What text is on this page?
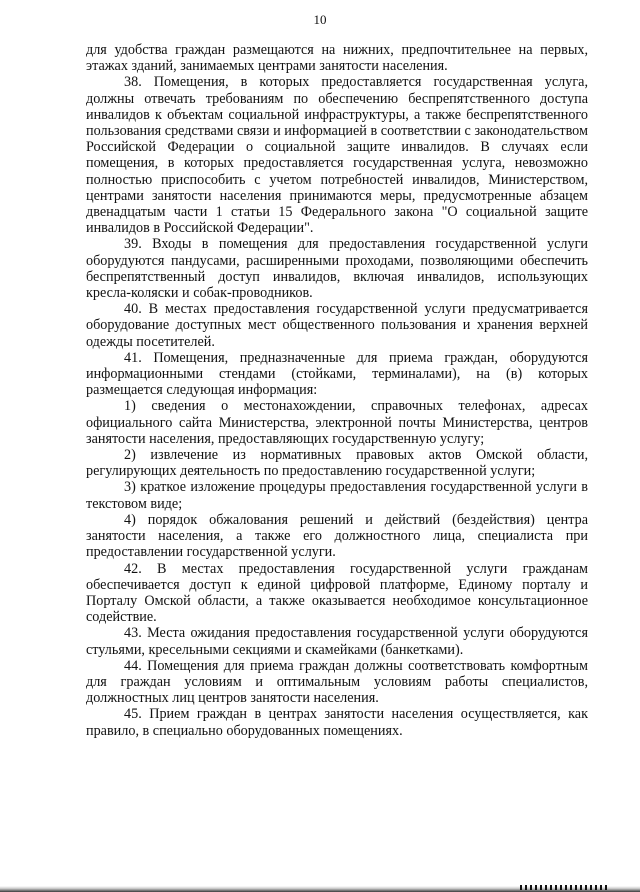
10

для удобства граждан размещаются на нижних, предпочтительнее на первых, этажах зданий, занимаемых центрами занятости населения.

38. Помещения, в которых предоставляется государственная услуга, должны отвечать требованиям по обеспечению беспрепятственного доступа инвалидов к объектам социальной инфраструктуры, а также беспрепятственного пользования средствами связи и информацией в соответствии с законодательством Российской Федерации о социальной защите инвалидов. В случаях если помещения, в которых предоставляется государственная услуга, невозможно полностью приспособить с учетом потребностей инвалидов, Министерством, центрами занятости населения принимаются меры, предусмотренные абзацем двенадцатым части 1 статьи 15 Федерального закона "О социальной защите инвалидов в Российской Федерации".

39. Входы в помещения для предоставления государственной услуги оборудуются пандусами, расширенными проходами, позволяющими обеспечить беспрепятственный доступ инвалидов, включая инвалидов, использующих кресла-коляски и собак-проводников.

40. В местах предоставления государственной услуги предусматривается оборудование доступных мест общественного пользования и хранения верхней одежды посетителей.

41. Помещения, предназначенные для приема граждан, оборудуются информационными стендами (стойками, терминалами), на (в) которых размещается следующая информация:

1) сведения о местонахождении, справочных телефонах, адресах официального сайта Министерства, электронной почты Министерства, центров занятости населения, предоставляющих государственную услугу;

2) извлечение из нормативных правовых актов Омской области, регулирующих деятельность по предоставлению государственной услуги;

3) краткое изложение процедуры предоставления государственной услуги в текстовом виде;

4) порядок обжалования решений и действий (бездействия) центра занятости населения, а также его должностного лица, специалиста при предоставлении государственной услуги.

42. В местах предоставления государственной услуги гражданам обеспечивается доступ к единой цифровой платформе, Единому порталу и Порталу Омской области, а также оказывается необходимое консультационное содействие.

43. Места ожидания предоставления государственной услуги оборудуются стульями, кресельными секциями и скамейками (банкетками).

44. Помещения для приема граждан должны соответствовать комфортным для граждан условиям и оптимальным условиям работы специалистов, должностных лиц центров занятости населения.

45. Прием граждан в центрах занятости населения осуществляется, как правило, в специально оборудованных помещениях.
